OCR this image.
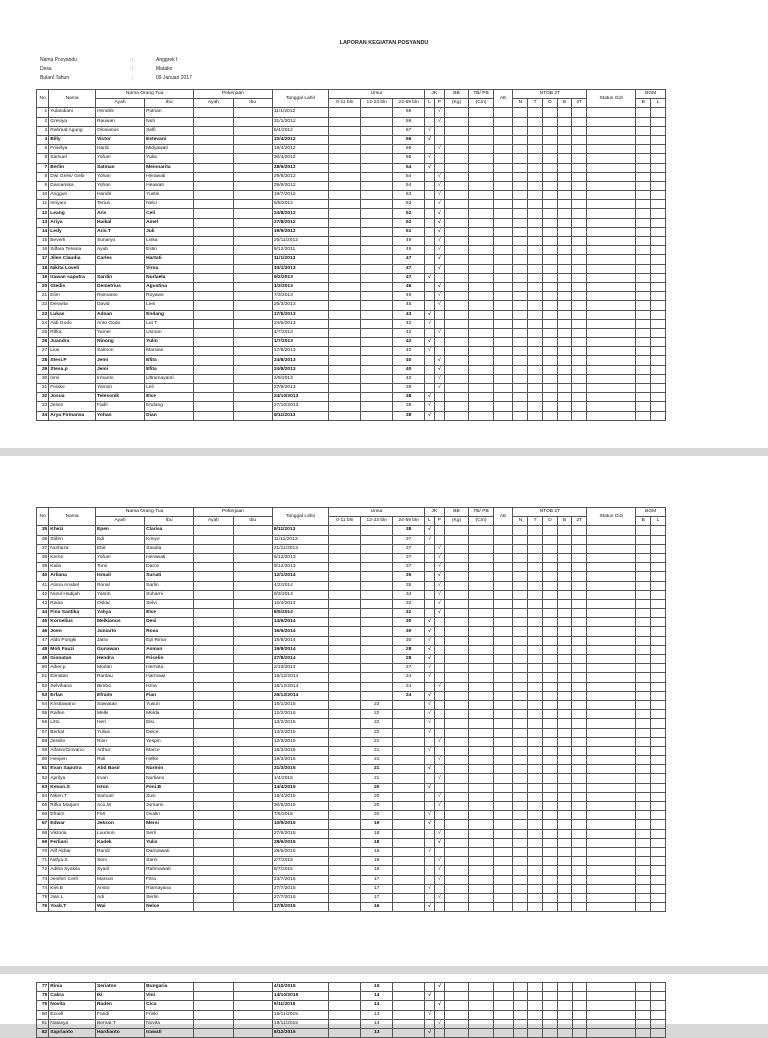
LAPORAN KEGIATAN POSYANDU
Nama Posyandu	:	Anggrek I
Desa	:	Matako
Bulan/ Tahun	:	09 Januari 2017
No	Nama	Nama Orang Tua		Pekerjaan		Tanggal Lahir	Umur			JK		BB	TB/ PB	AE	NTOB 2T					Status Gizi	BGM	
		Ayah	Ibu	Ayah	Ibu		0-11 bln	12-23 bln	24-59 bln	L	P	(Kg)	(Cm)		N	T	O	B	2T		B	L
1	Yulandiani	Hendrik	Putrian			11/1/2012			59		√											
2	Gresiya	Rauwan	Nuti			31/1/2012			59		√											
3	Rahmat Agung	Olosianus	Selfi			6/4/2012			57	√												
4	Billy	Victor	Estevani			10/4/2012			56	√												
5	Friselya	Hardi	Midyawati			18/4/2012			56		√											
6	Samuel	Yohan	Yulia			30/4/2012			56	√												
7	Berlin	Satman	Meinnarita			28/6/2012			54	√												
8	Dwi Greis/ Gebi	Yohan	Herawati			29/6/2012			54		√											
9	Damariska	Yohan	Heawati			29/6/2012			54		√											
10	Anggun	Handri	Yustin			19/7/2012			53		√											
11	Inriyani	Terius	Nelci			6/8/2012			53		√											
12	Leang	Aris	Celi			24/8/2012			52		√											
13	Ariya	Haikal	Amel			27/8/2012			52		√											
14	Ledy	Aris.T	Juli			19/9/2012			51		√											
15	Beverli	Sunaryo	Liska			26/11/2012			49		√											
16	Silfara Teresia	Ayub	Estin			9/12/2011			49		√											
17	Jilen Claudia	Carles	Hartati			11/1/2013			47		√											
18	Nikita Loveli		Virna			10/1/2013			47		√											
19	Irawan saputra	Sardin	Nurlaela			9/2/2013			47	√												
20	Gledis	Demetrius	Agustina			1/3/2013			46		√											
21	Elim	Rismanto	Royawe			7/3/2013			46		√											
22	Deswita	David	Leni			26/3/2013			45		√											
23	Lukas	Adnan	Endang			17/5/2013			43	√												
24	Aldi Godo	Anto Godo	Lut T			24/6/2013			42	√												
25	Rifka	Yamer	Usman			4/7/2013			42		√											
26	Juandra	Ninong	Yulin			1/7/2013			42	√												
27	Lius	Salmon	Marsian			17/8/2013			40	√												
28	Stesi.P	Jemi	Efita			24/8/2013			40		√											
29	Stesa.p	Jemi	Efita			24/8/2013			40		√											
30	Ismi	Irmanto	Ultramayanti			2/9/2013			40		√											
31	Feiske	Yamon	Leli			27/9/2013			39		√											
32	Josua	Telesonik	Elce			24/10/2013			38	√												
33	Jesen	Fadli	Endang			27/10/2013			38	√												
34	Arya Firmansa	Yohan	Dian			8/11/2013			38	√												
No	Nama	Nama Orang Tua		Pekerjaan		Tanggal Lahir	Umur			JK		BB	TB/ PB	AE	NTOB 2T					Status Gizi	BGM	
		Ayah	Ibu	Ayah	Ibu		0-11 bln	12-23 bln	24-59 bln	L	P	(Kg)	(Cm)		N	T	O	B	2T		B	L
35	Khezi	Epen	Clarisa			8/11/2013			38	√												
36	Stifen	Edi	Krisye			11/11/2013			37	√												
37	Nurfaiza	Ebit	Saadia			21/11/2013			37		√											
38	Keren	Yohan	Herawati			6/12/2013			37		√											
39	Kaila	Tomi	Darce			9/12/2013			37		√											
40	Arliana	Ismail	Suriati			12/1/2014			35		√											
41	Alona Anabel	Ronal	Sarlin			4/2/2014			35		√											
42	Nurul Hadijah	Yasrin	Suharni			9/3/2014			34		√											
43	Raisa	Oskar	Selvi			10/4/2014			32		√											
44	Fina Santika	Yahya	Elce			8/5/2014			32		√											
45	Kornelius	Melkianus	Desi			14/6/2014			30	√												
46	Joen	Juniarto	Rosa			16/6/2014			30	√												
47	Aldo Pongki	Jatra	Epi Rima			18/6/2014			30	√												
48	Moh Fauzi	Gunawan	Asman			19/8/2014			28	√												
49	Gionatan	Hendra	Fricelin			27/8/2014			28	√												
50	Alber.p	Morlan	Hermita			2/10/2014			27	√												
51	Elmatan	Rantau	Harmawi			15/12/2014			24	√												
52	Selvihana	Bimbo	Isma			16/12/2014			24		√											
53	Erfan	Efraim	Fian			26/12/2014			24	√												
54	Kristiawano	Sawiatan	Yusun			16/1/2015		23		√												
55	Raifen	Melki	Melda			12/2/2015		22		√												
56	Litto	Heri	Elsi			13/2/2015		22		√												
57	Berkat	Yulius	Delce			13/2/2015		22		√												
58	Jesslin	Rion	Yespin			12/3/2015		21			√											
59	Alfano/Giovano	Arthur	Marce			16/3/2015		21		√												
60	Henjien	Ruli	Helke			18/3/2015		21			√											
61	Evan Saputra	Abd Basir	Nurmin			31/3/2015		21		√												
62	Aprilya	Irvan	Nurliano			1/4/2015		21			√											
63	Kenan.S	Iston	Feni.B			14/4/2015		20		√												
64	Niken.T	Samuel	Susi			16/4/2015		20			√											
65	Rifka Marjam	Aco.M	Jumarni			30/5/2015		20			√											
66	Efraim	Feri	Ovalin			7/5/2015		20		√												
67	Edwar	Jekson	Mersi			10/5/2015		19		√												
68	Viktoria	Luumon	Serli			27/6/2015		18			√											
69	Ferliani	Kadek	Yulis			28/6/2015		18			√											
70	Alif Akbar	Randi	Darmawati			28/6/2015		18		√												
71	Nafya.S	Seni	Sarni			2/7/2015		18			√											
72	Adiba Syakila	Syaril	Rahmawati			8/7/2015		18			√											
73	Jenifer/ Cerli	Marson	Fitra			23/7/2015		17			√											
74	Kiel.B	Aristo	Riamayana			27/7/2015		17		√												
75	Jian.L	Adi	Serlin			27/7/2015		17			√											
76	Yoab.T	Wai	Nelce			17/8/2015		16		√												
77	Rinia	Seriatno	Bungaria			4/10/2015		15			√											
78	Cakra	Iki	Vini			14/10/2015		14		√												
79	Novita	Raden	Cica			9/11/2015		14			√											
80	Excell	Fandi	Friski			16/11/2015		13		√												
81	Natasya	Bernat.T	Novita			19/11/2015		13			√											
82	Saprianto	Hardianto	Irawati			8/12/2015		13		√												
